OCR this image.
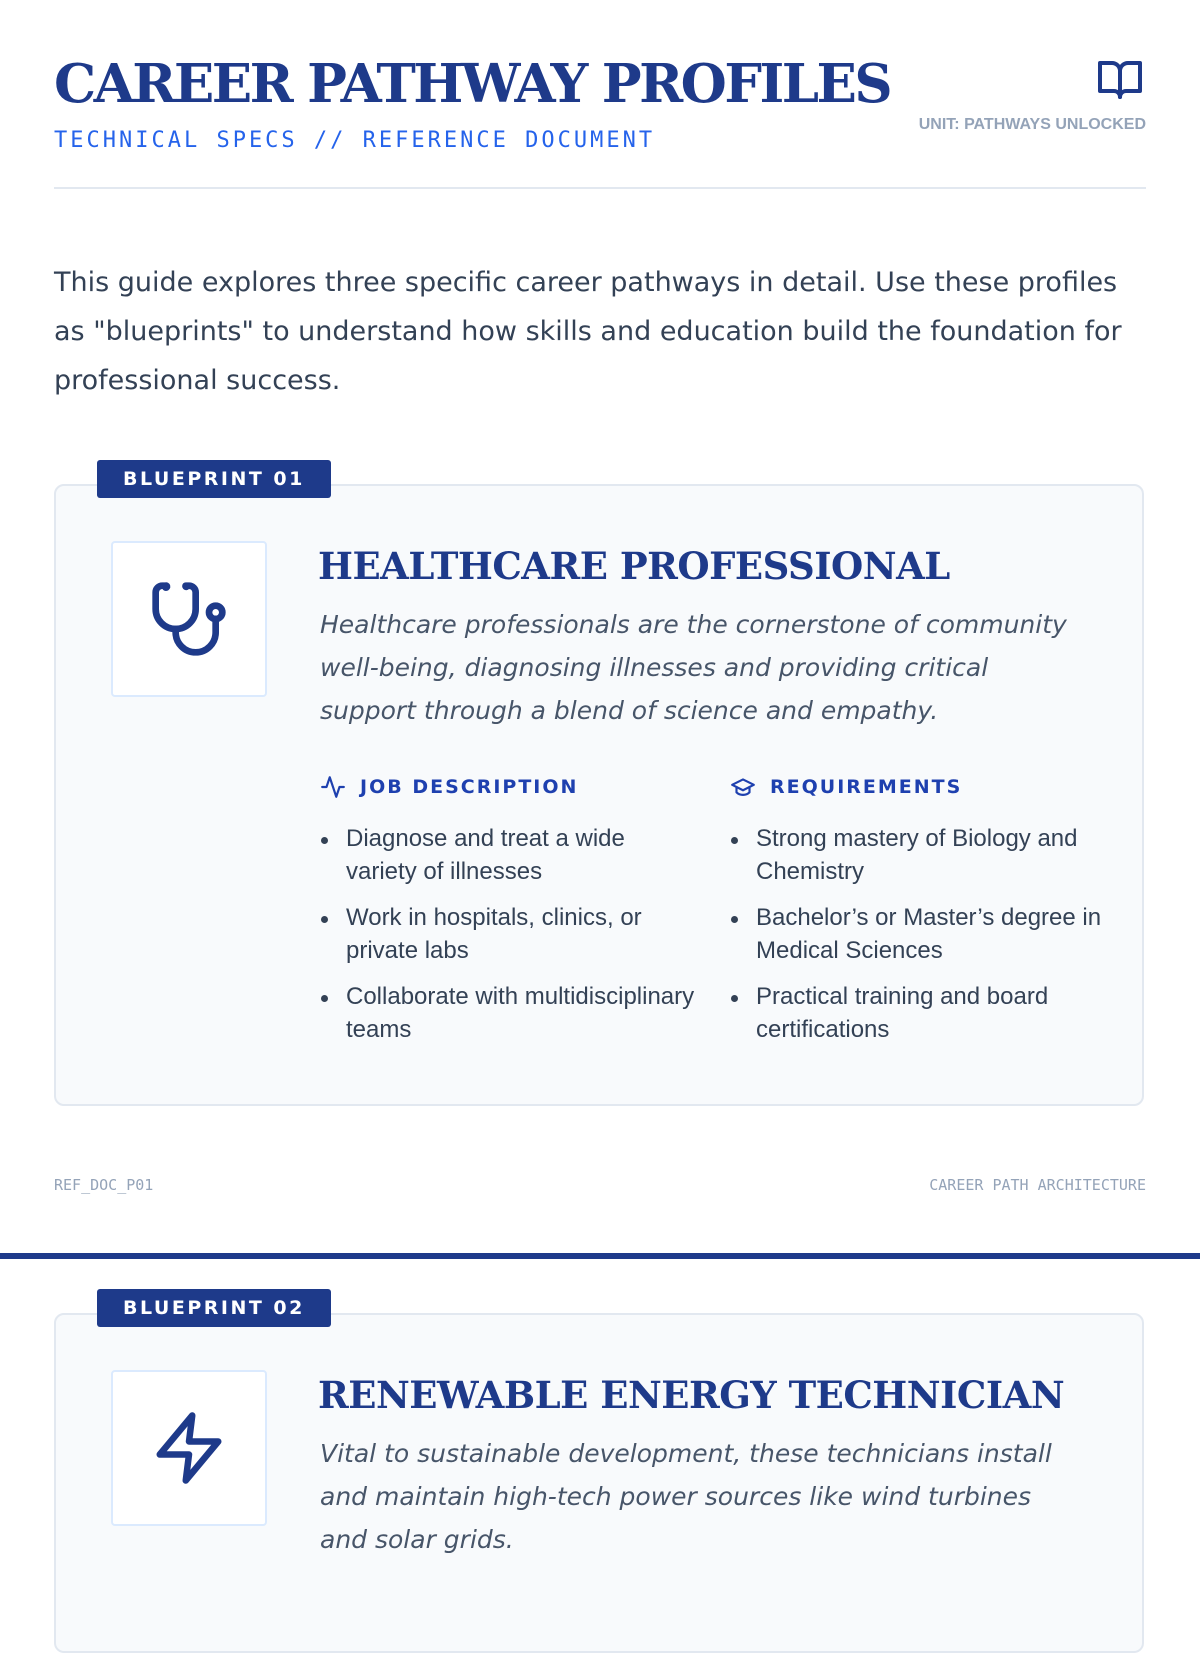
CAREER PATHWAY PROFILES
TECHNICAL SPECS // REFERENCE DOCUMENT
UNIT: PATHWAYS UNLOCKED

This guide explores three specific career pathways in detail. Use these profiles as "blueprints" to understand how skills and education build the foundation for professional success.

BLUEPRINT 01
HEALTHCARE PROFESSIONAL

Healthcare professionals are the cornerstone of community well-being, diagnosing illnesses and providing critical support through a blend of science and empathy.

JOB DESCRIPTION
Diagnose and treat a wide variety of illnesses
Work in hospitals, clinics, or private labs
Collaborate with multidisciplinary teams
REQUIREMENTS
Strong mastery of Biology and Chemistry
Bachelor’s or Master’s degree in Medical Sciences
Practical training and board certifications
REF_DOC_P01	CAREER PATH ARCHITECTURE
BLUEPRINT 02
RENEWABLE ENERGY TECHNICIAN

Vital to sustainable development, these technicians install and maintain high-tech power sources like wind turbines and solar grids.
